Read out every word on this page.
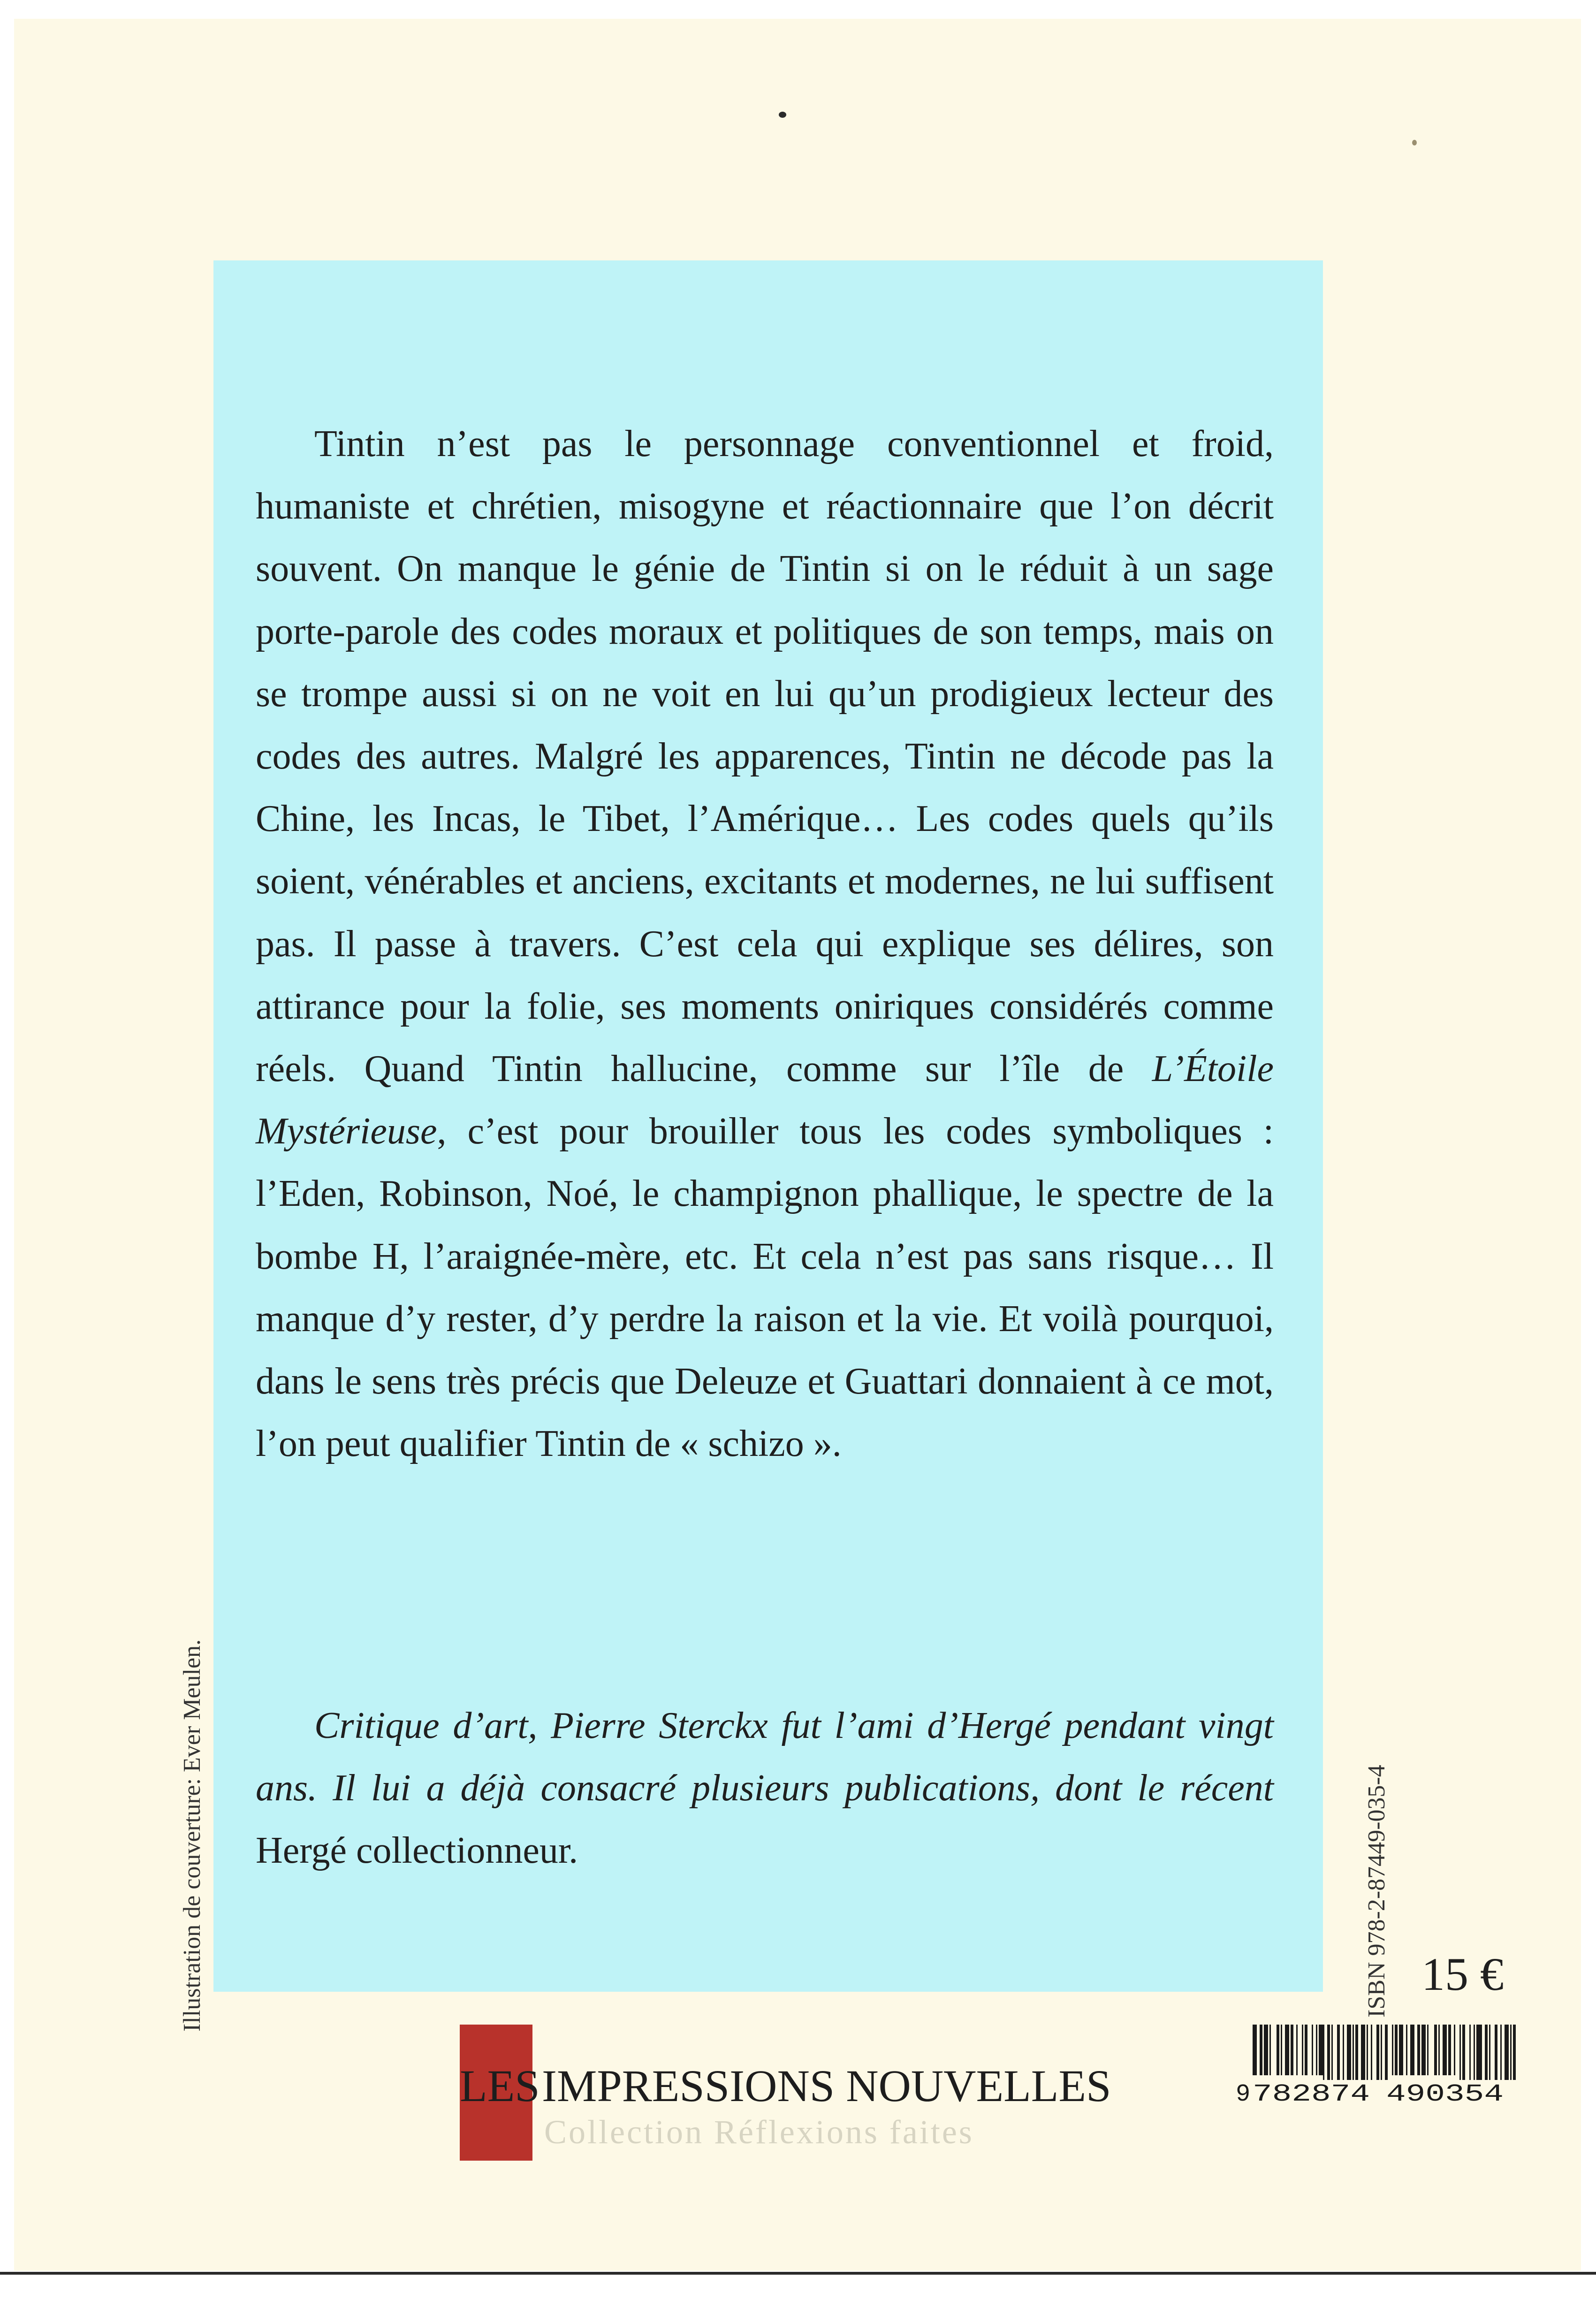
Tintin n’est pas le personnage conventionnel et froid, humaniste et chrétien, misogyne et réactionnaire que l’on décrit souvent. On manque le génie de Tintin si on le réduit à un sage porte-parole des codes moraux et politiques de son temps, mais on se trompe aussi si on ne voit en lui qu’un prodigieux lecteur des codes des autres. Malgré les apparences, Tintin ne décode pas la Chine, les Incas, le Tibet, l’Amérique… Les codes quels qu’ils soient, vénérables et anciens, excitants et modernes, ne lui suffisent pas. Il passe à travers. C’est cela qui explique ses délires, son attirance pour la folie, ses moments oniriques considérés comme réels. Quand Tintin hallucine, comme sur l’île de L’Étoile Mystérieuse, c’est pour brouiller tous les codes symboliques : l’Eden, Robinson, Noé, le champignon phallique, le spectre de la bombe H, l’araignée-mère, etc. Et cela n’est pas sans risque… Il manque d’y rester, d’y perdre la raison et la vie. Et voilà pourquoi, dans le sens très précis que Deleuze et Guattari donnaient à ce mot, l’on peut qualifier Tintin de « schizo ».

Critique d’art, Pierre Sterckx fut l’ami d’Hergé pendant vingt ans. Il lui a déjà consacré plusieurs publications, dont le récent Hergé collectionneur.

Illustration de couverture: Ever Meulen.	ISBN 978-2-87449-035-4 15 €
9 782874 490354
LES IMPRESSIONS NOUVELLES
Collection Réflexions faites
